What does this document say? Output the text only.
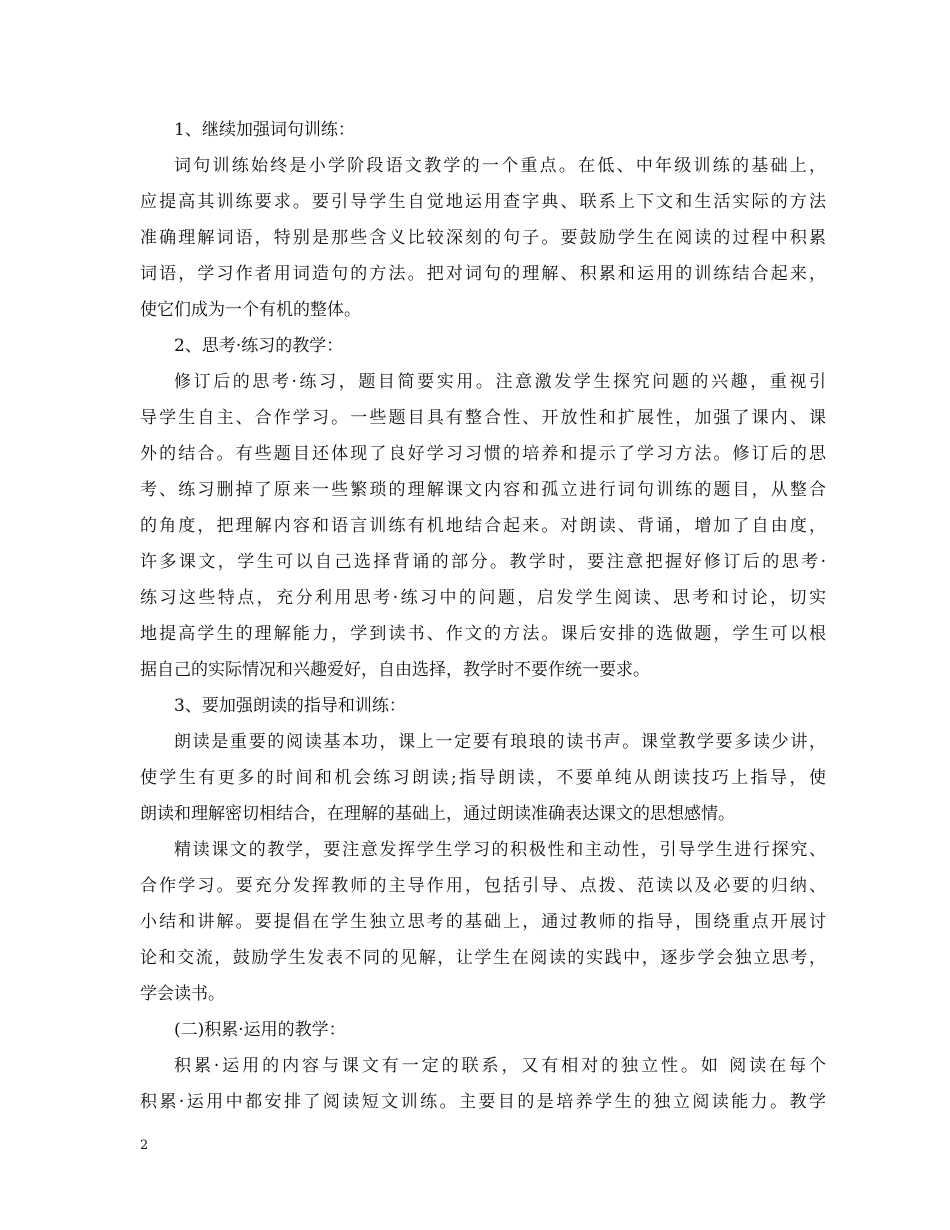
1、继续加强词句训练：
词句训练始终是小学阶段语文教学的一个重点。在低、中年级训练的基础上，
应提高其训练要求。要引导学生自觉地运用查字典、联系上下文和生活实际的方法
准确理解词语，特别是那些含义比较深刻的句子。要鼓励学生在阅读的过程中积累
词语，学习作者用词造句的方法。把对词句的理解、积累和运用的训练结合起来，
使它们成为一个有机的整体。
2、思考·练习的教学：
修订后的思考·练习，题目简要实用。注意激发学生探究问题的兴趣，重视引
导学生自主、合作学习。一些题目具有整合性、开放性和扩展性，加强了课内、课
外的结合。有些题目还体现了良好学习习惯的培养和提示了学习方法。修订后的思
考、练习删掉了原来一些繁琐的理解课文内容和孤立进行词句训练的题目，从整合
的角度，把理解内容和语言训练有机地结合起来。对朗读、背诵，增加了自由度，
许多课文，学生可以自己选择背诵的部分。教学时，要注意把握好修订后的思考·
练习这些特点，充分利用思考·练习中的问题，启发学生阅读、思考和讨论，切实
地提高学生的理解能力，学到读书、作文的方法。课后安排的选做题，学生可以根
据自己的实际情况和兴趣爱好，自由选择，教学时不要作统一要求。
3、要加强朗读的指导和训练：
朗读是重要的阅读基本功，课上一定要有琅琅的读书声。课堂教学要多读少讲，
使学生有更多的时间和机会练习朗读;指导朗读，不要单纯从朗读技巧上指导，使
朗读和理解密切相结合，在理解的基础上，通过朗读准确表达课文的思想感情。
精读课文的教学，要注意发挥学生学习的积极性和主动性，引导学生进行探究、
合作学习。要充分发挥教师的主导作用，包括引导、点拨、范读以及必要的归纳、
小结和讲解。要提倡在学生独立思考的基础上，通过教师的指导，围绕重点开展讨
论和交流，鼓励学生发表不同的见解，让学生在阅读的实践中，逐步学会独立思考，
学会读书。
(二)积累·运用的教学：
积累·运用的内容与课文有一定的联系，又有相对的独立性。如 阅读在每个
积累·运用中都安排了阅读短文训练。主要目的是培养学生的独立阅读能力。教学
2
